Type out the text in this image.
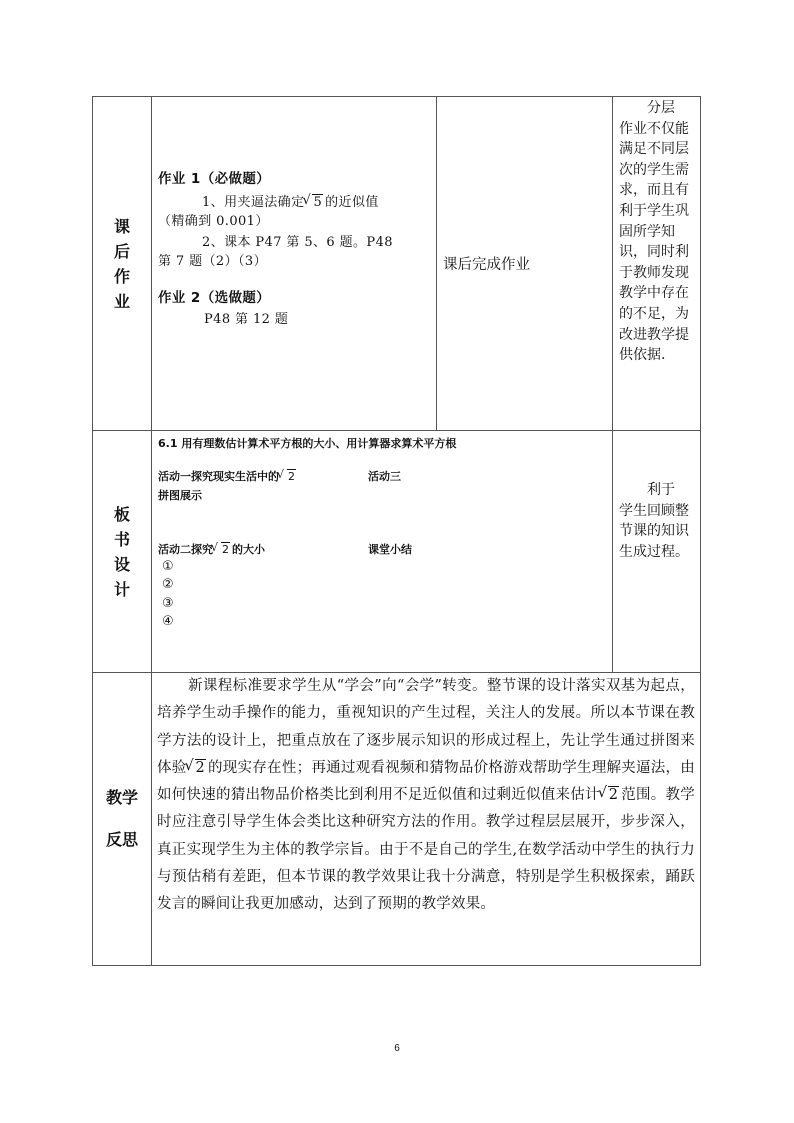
课后作业
作业 1（必做题）
1、用夹逼法确定 √ 5 的近似值
（精确到 0.001）
2、课本 P47 第 5、6 题。P48
第 7 题（2）（3）
作业 2（选做题）
P48 第 12 题
课后完成作业
分层
作业不仅能满足不同层次的学生需求，而且有利于学生巩固所学知识，同时利于教师发现教学中存在的不足，为改进教学提供依据.
板书设计
6.1 用有理数估计算术平方根的大小、用计算器求算术平方根
活动一探究现实生活中的 √ 2	活动三
拼图展示
活动二探究 √ 2 的大小	课堂小结
①
②
③
④
利于
学生回顾整节课的知识生成过程。
教学
反思
新课程标准要求学生从“学会”向“会学”转变。整节课的设计落实双基为起点，培养学生动手操作的能力，重视知识的产生过程，关注人的发展。所以本节课在教学方法的设计上，把重点放在了逐步展示知识的形成过程上，先让学生通过拼图来体验 √ 2 的现实存在性；再通过观看视频和猜物品价格游戏帮助学生理解夹逼法，由如何快速的猜出物品价格类比到利用不足近似值和过剩近似值来估计 √ 2 范围。教学时应注意引导学生体会类比这种研究方法的作用。教学过程层层展开，步步深入，真正实现学生为主体的教学宗旨。由于不是自己的学生,在数学活动中学生的执行力与预估稍有差距，但本节课的教学效果让我十分满意，特别是学生积极探索，踊跃发言的瞬间让我更加感动，达到了预期的教学效果。
6
